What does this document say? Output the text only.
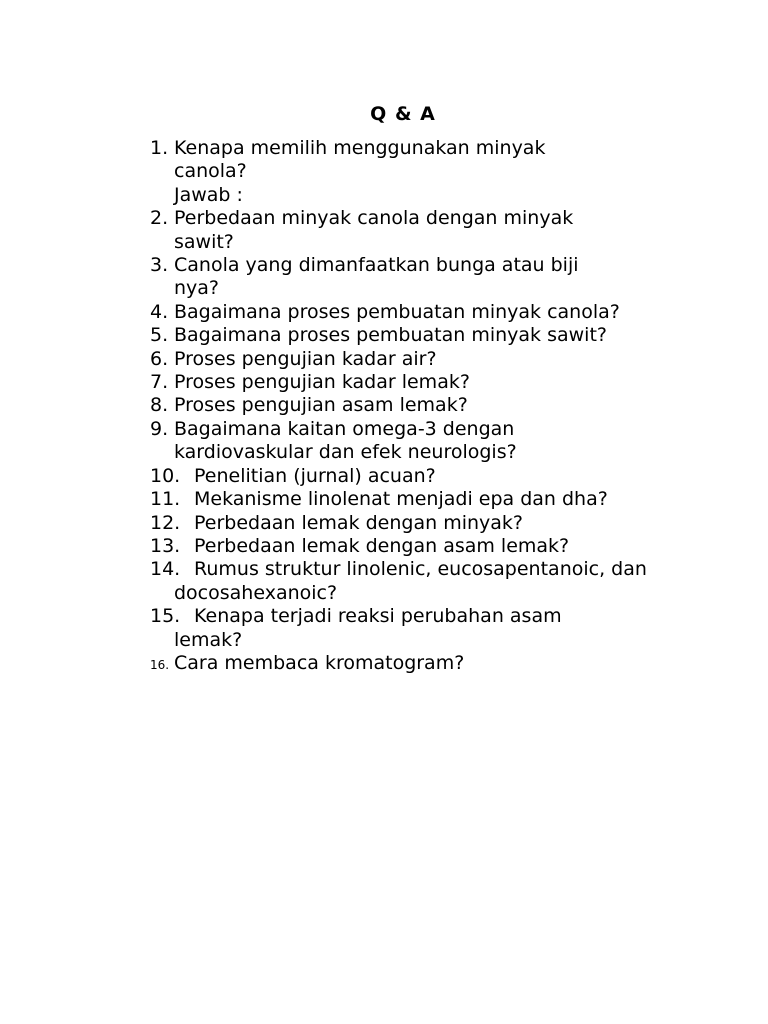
Q & A
1. Kenapa memilih menggunakan minyak canola?
Jawab :
2. Perbedaan minyak canola dengan minyak sawit?
3. Canola yang dimanfaatkan bunga atau biji nya?
4. Bagaimana proses pembuatan minyak canola?
5. Bagaimana proses pembuatan minyak sawit?
6. Proses pengujian kadar air?
7. Proses pengujian kadar lemak?
8. Proses pengujian asam lemak?
9. Bagaimana kaitan omega-3 dengan kardiovaskular dan efek neurologis?
10. Penelitian (jurnal) acuan?
11. Mekanisme linolenat menjadi epa dan dha?
12. Perbedaan lemak dengan minyak?
13. Perbedaan lemak dengan asam lemak?
14. Rumus struktur linolenic, eucosapentanoic, dan docosahexanoic?
15. Kenapa terjadi reaksi perubahan asam lemak?
16. Cara membaca kromatogram?
